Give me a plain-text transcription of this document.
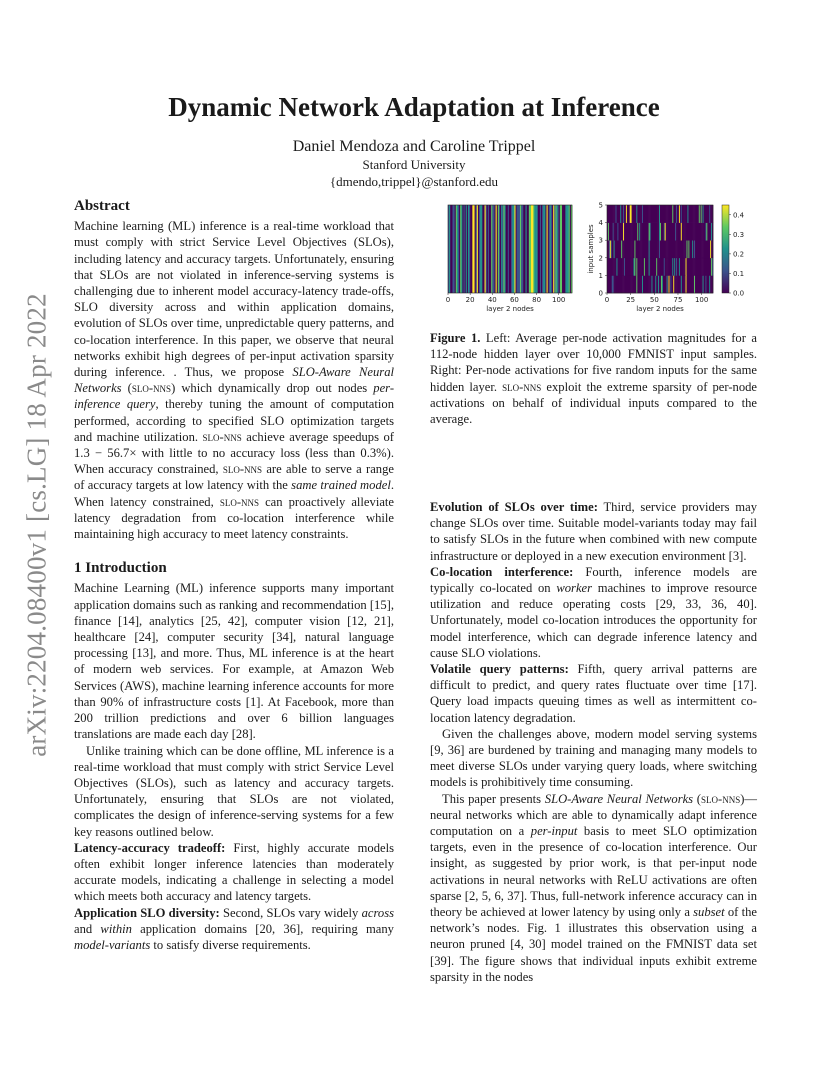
arXiv:2204.08400v1 [cs.LG] 18 Apr 2022
Dynamic Network Adaptation at Inference
Daniel Mendoza and Caroline Trippel
Stanford University
{dmendo,trippel}@stanford.edu
Abstract

Machine learning (ML) inference is a real-time workload that must comply with strict Service Level Objectives (SLOs), including latency and accuracy targets. Unfortunately, ensuring that SLOs are not violated in inference-serving systems is challenging due to inherent model accuracy-latency trade-offs, SLO diversity across and within application domains, evolution of SLOs over time, unpredictable query patterns, and co-location interference. In this paper, we observe that neural networks exhibit high degrees of per-input activation sparsity during inference. . Thus, we propose SLO-Aware Neural Networks (slo-nns) which dynamically drop out nodes per-inference query, thereby tuning the amount of computation performed, according to specified SLO optimization targets and machine utilization. slo-nns achieve average speedups of 1.3 − 56.7× with little to no accuracy loss (less than 0.3%). When accuracy constrained, slo-nns are able to serve a range of accuracy targets at low latency with the same trained model. When latency constrained, slo-nns can proactively alleviate latency degradation from co-location interference while maintaining high accuracy to meet latency constraints.

1 Introduction

Machine Learning (ML) inference supports many important application domains such as ranking and recommendation [15], finance [14], analytics [25, 42], computer vision [12, 21], healthcare [24], computer security [34], natural language processing [13], and more. Thus, ML inference is at the heart of modern web services. For example, at Amazon Web Services (AWS), machine learning inference accounts for more than 90% of infrastructure costs [1]. At Facebook, more than 200 trillion predictions and over 6 billion languages translations are made each day [28].

Unlike training which can be done offline, ML inference is a real-time workload that must comply with strict Service Level Objectives (SLOs), such as latency and accuracy targets. Unfortunately, ensuring that SLOs are not violated, complicates the design of inference-serving systems for a few key reasons outlined below.

Latency-accuracy tradeoff: First, highly accurate models often exhibit longer inference latencies than moderately accurate models, indicating a challenge in selecting a model which meets both accuracy and latency targets.

Application SLO diversity: Second, SLOs vary widely across and within application domains [20, 36], requiring many model-variants to satisfy diverse requirements.

0 20 40 60 80 100
layer 2 nodes
0 25 50 75 100
0
1
2
3
4
5
layer 2 nodes
input samples
0.0
0.1
0.2
0.3
0.4
Figure 1. Left: Average per-node activation magnitudes for a 112-node hidden layer over 10,000 FMNIST input samples. Right: Per-node activations for five random inputs for the same hidden layer. slo-nns exploit the extreme sparsity of per-node activations on behalf of individual inputs compared to the average.

Evolution of SLOs over time: Third, service providers may change SLOs over time. Suitable model-variants today may fail to satisfy SLOs in the future when combined with new compute infrastructure or deployed in a new execution environment [3].

Co-location interference: Fourth, inference models are typically co-located on worker machines to improve resource utilization and reduce operating costs [29, 33, 36, 40]. Unfortunately, model co-location introduces the opportunity for model interference, which can degrade inference latency and cause SLO violations.

Volatile query patterns: Fifth, query arrival patterns are difficult to predict, and query rates fluctuate over time [17]. Query load impacts queuing times as well as intermittent co-location latency degradation.

Given the challenges above, modern model serving systems [9, 36] are burdened by training and managing many models to meet diverse SLOs under varying query loads, where switching models is prohibitively time consuming.

This paper presents SLO-Aware Neural Networks (slo-nns)—neural networks which are able to dynamically adapt inference computation on a per-input basis to meet SLO optimization targets, even in the presence of co-location interference. Our insight, as suggested by prior work, is that per-input node activations in neural networks with ReLU activations are often sparse [2, 5, 6, 37]. Thus, full-network inference accuracy can in theory be achieved at lower latency by using only a subset of the network’s nodes. Fig. 1 illustrates this observation using a neuron pruned [4, 30] model trained on the FMNIST data set [39]. The figure shows that individual inputs exhibit extreme sparsity in the nodes
